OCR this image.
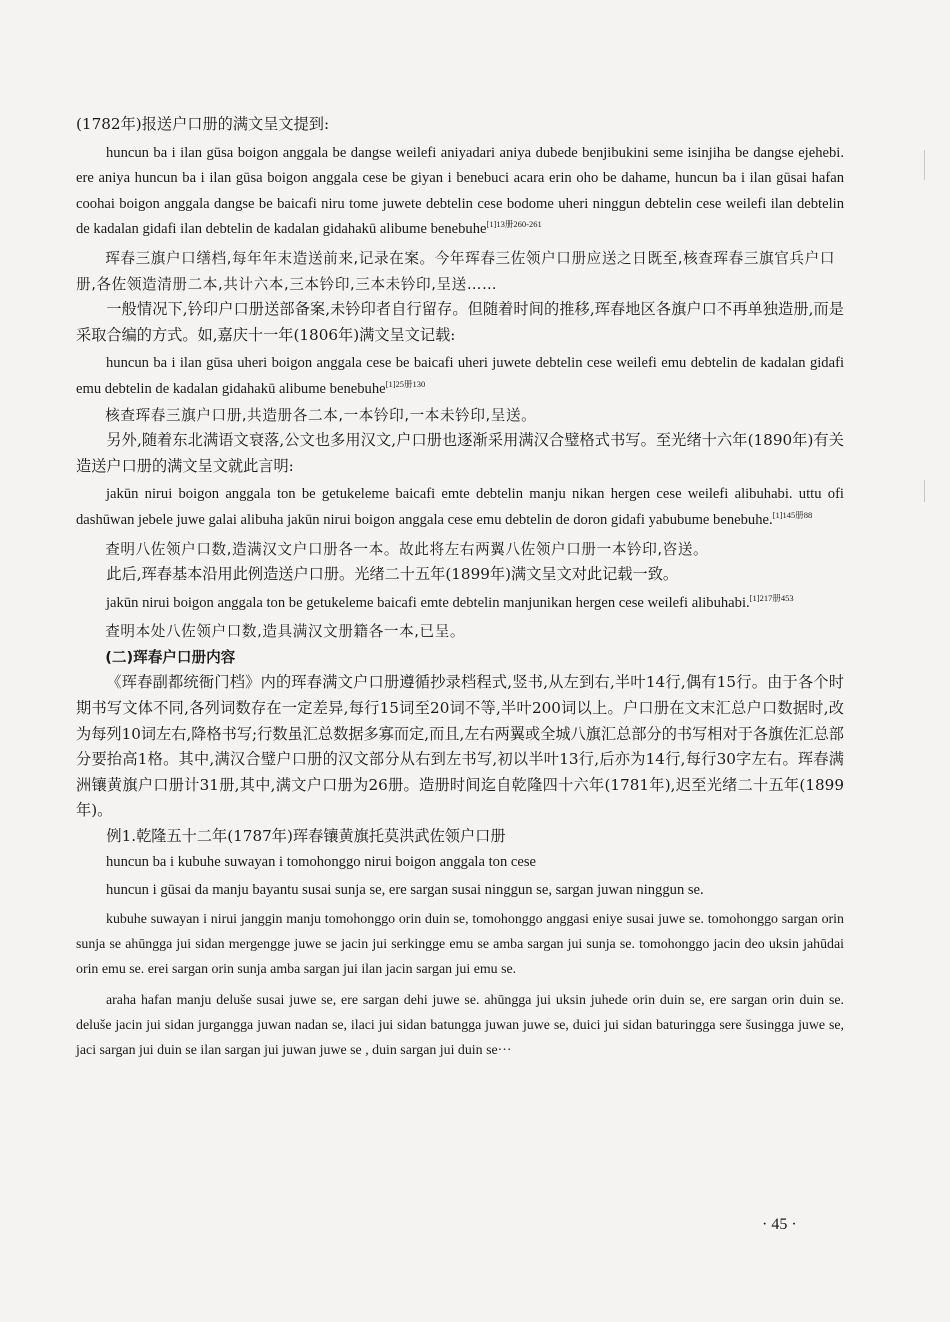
(1782年)报送户口册的满文呈文提到:

huncun ba i ilan gūsa boigon anggala be dangse weilefi aniyadari aniya dubede benjibukini seme isinjiha be dangse ejehebi. ere aniya huncun ba i ilan gūsa boigon anggala cese be giyan i benebuci acara erin oho be dahame, huncun ba i ilan gūsai hafan coohai boigon anggala dangse be baicafi niru tome juwete debtelin cese bodome uheri ninggun debtelin cese weilefi ilan debtelin de kadalan gidafi ilan debtelin de kadalan gidahakū alibume benebuhe$^{[1]13册260-261}$

珲春三旗户口缮档,每年年末造送前来,记录在案。今年珲春三佐领户口册应送之日既至,核查珲春三旗官兵户口册,各佐领造清册二本,共计六本,三本钤印,三本未钤印,呈送……

一般情况下,钤印户口册送部备案,未钤印者自行留存。但随着时间的推移,珲春地区各旗户口不再单独造册,而是采取合编的方式。如,嘉庆十一年(1806年)满文呈文记载:

huncun ba i ilan gūsa uheri boigon anggala cese be baicafi uheri juwete debtelin cese weilefi emu debtelin de kadalan gidafi emu debtelin de kadalan gidahakū alibume benebuhe$^{[1]25册130}$

核查珲春三旗户口册,共造册各二本,一本钤印,一本未钤印,呈送。

另外,随着东北满语文衰落,公文也多用汉文,户口册也逐渐采用满汉合璧格式书写。至光绪十六年(1890年)有关造送户口册的满文呈文就此言明:

jakūn nirui boigon anggala ton be getukeleme baicafi emte debtelin manju nikan hergen cese weilefi alibuhabi. uttu ofi dashūwan jebele juwe galai alibuha jakūn nirui boigon anggala cese emu debtelin de doron gidafi yabubume benebuhe.$^{[1]145册88}$

查明八佐领户口数,造满汉文户口册各一本。故此将左右两翼八佐领户口册一本钤印,咨送。

此后,珲春基本沿用此例造送户口册。光绪二十五年(1899年)满文呈文对此记载一致。

jakūn nirui boigon anggala ton be getukeleme baicafi emte debtelin manjunikan hergen cese weilefi alibuhabi.$^{[1]217册453}$

查明本处八佐领户口数,造具满汉文册籍各一本,已呈。

(二)珲春户口册内容

《珲春副都统衙门档》内的珲春满文户口册遵循抄录档程式,竖书,从左到右,半叶14行,偶有15行。由于各个时期书写文体不同,各列词数存在一定差异,每行15词至20词不等,半叶200词以上。户口册在文末汇总户口数据时,改为每列10词左右,降格书写;行数虽汇总数据多寡而定,而且,左右两翼或全城八旗汇总部分的书写相对于各旗佐汇总部分要抬高1格。其中,满汉合璧户口册的汉文部分从右到左书写,初以半叶13行,后亦为14行,每行30字左右。珲春满洲镶黄旗户口册计31册,其中,满文户口册为26册。造册时间迄自乾隆四十六年(1781年),迟至光绪二十五年(1899年)。

例1.乾隆五十二年(1787年)珲春镶黄旗托莫洪武佐领户口册

huncun ba i kubuhe suwayan i tomohonggo nirui boigon anggala ton cese

huncun i gūsai da manju bayantu susai sunja se, ere sargan susai ninggun se, sargan juwan ninggun se.

kubuhe suwayan i nirui janggin manju tomohonggo orin duin se, tomohonggo anggasi eniye susai juwe se. tomohonggo sargan orin sunja se ahūngga jui sidan mergengge juwe se jacin jui serkingge emu se amba sargan jui sunja se. tomohonggo jacin deo uksin jahūdai orin emu se. erei sargan orin sunja amba sargan jui ilan jacin sargan jui emu se.

araha hafan manju deluše susai juwe se, ere sargan dehi juwe se. ahūngga jui uksin juhede orin duin se, ere sargan orin duin se. deluše jacin jui sidan jurgangga juwan nadan se, ilaci jui sidan batungga juwan juwe se, duici jui sidan baturingga sere šusingga juwe se, jaci sargan jui duin se ilan sargan jui juwan juwe se , duin sargan jui duin se···

· 45 ·
